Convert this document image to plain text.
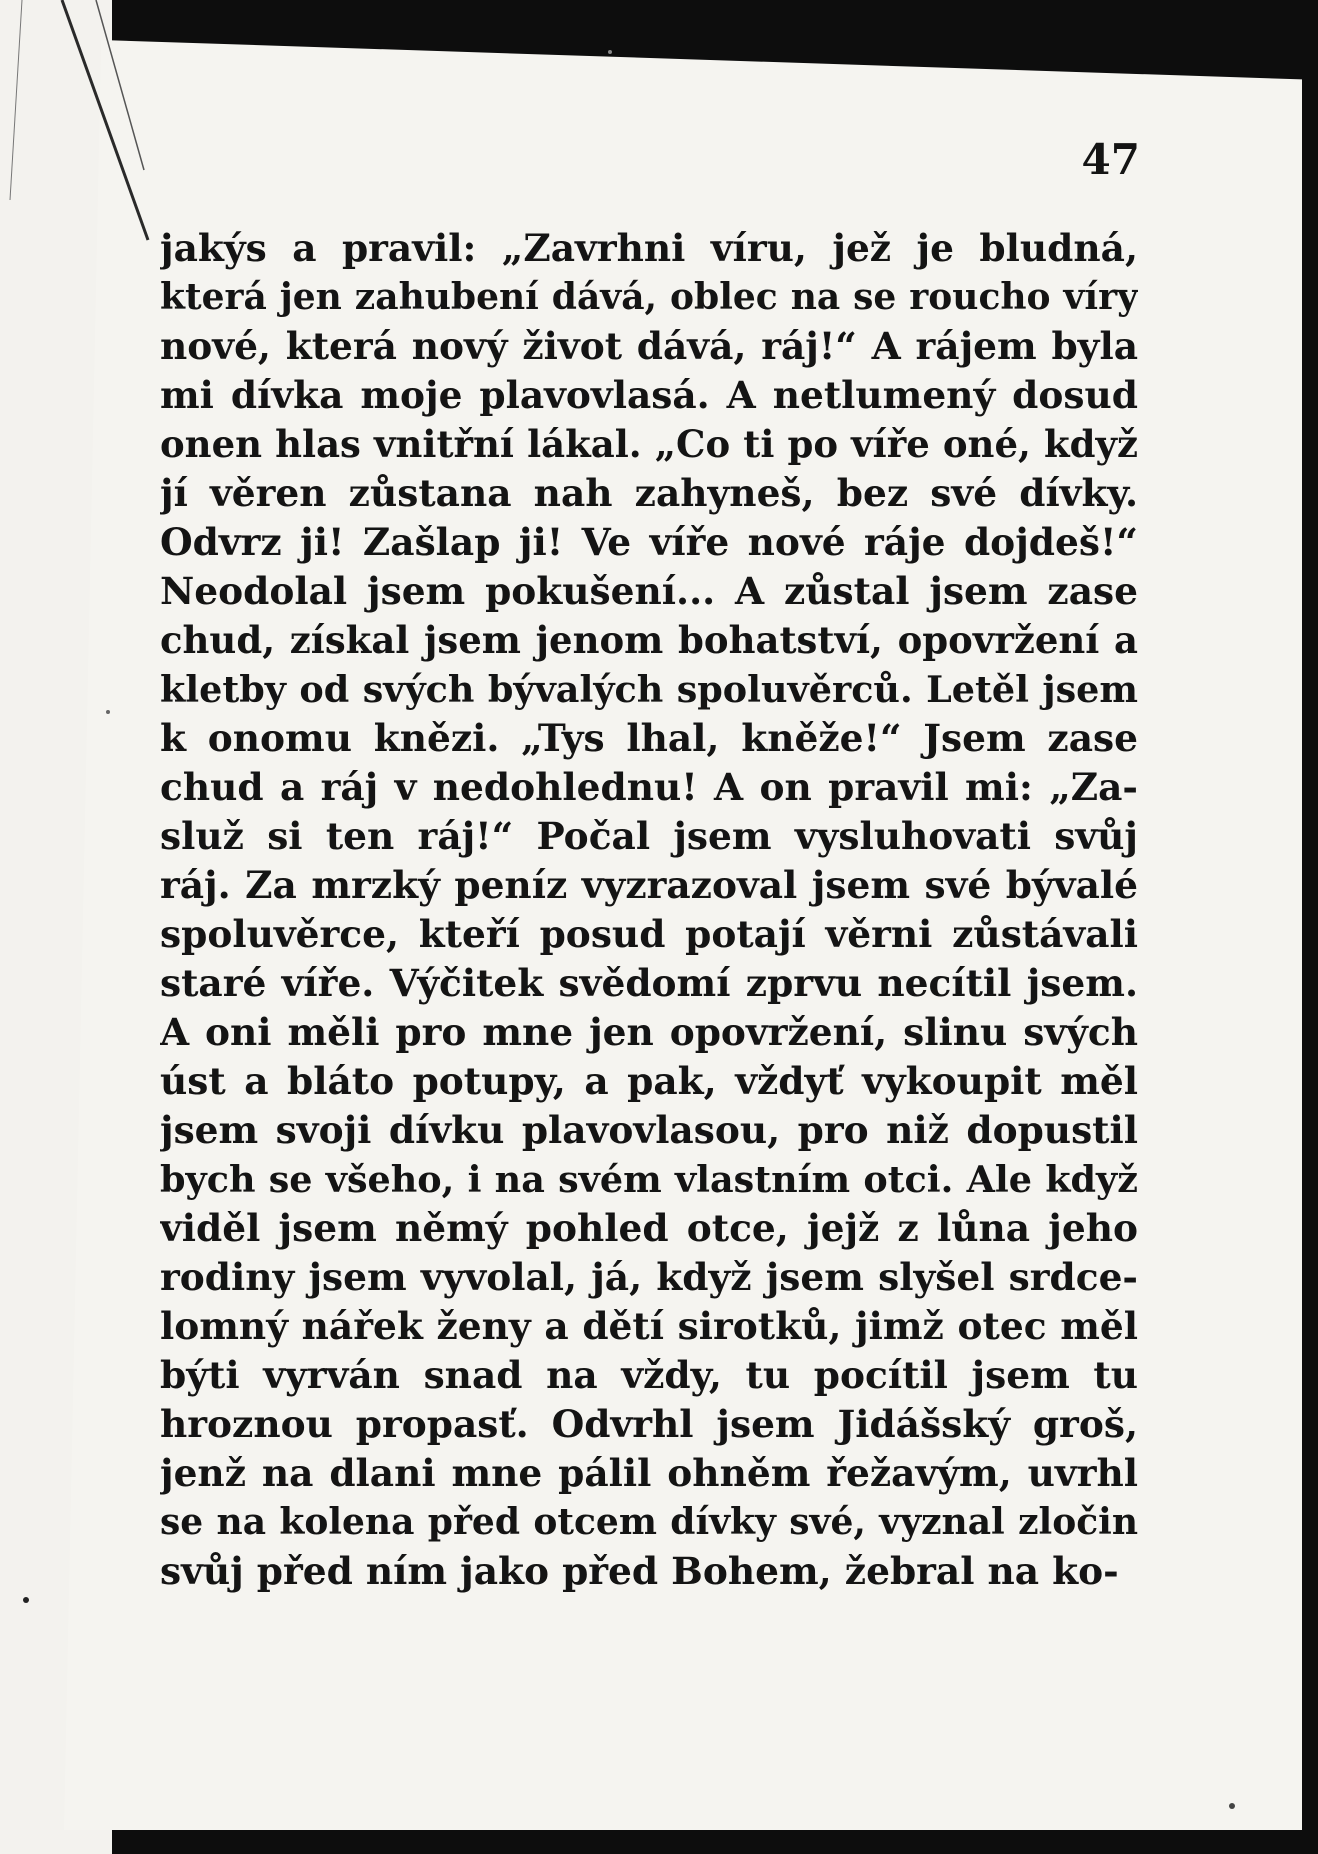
47
jakýs a pravil: „Zavrhni víru, jež je bludná,
která jen zahubení dává, oblec na se roucho víry
nové, která nový život dává, ráj!“ A rájem byla
mi dívka moje plavovlasá. A netlumený dosud
onen hlas vnitřní lákal. „Co ti po víře oné, když
jí věren zůstana nah zahyneš, bez své dívky.
Odvrz ji! Zašlap ji! Ve víře nové ráje dojdeš!“
Neodolal jsem pokušení... A zůstal jsem zase
chud, získal jsem jenom bohatství, opovržení a
kletby od svých bývalých spoluvěrců. Letěl jsem
k onomu knězi. „Tys lhal, kněže!“ Jsem zase
chud a ráj v nedohlednu! A on pravil mi: „Za-
služ si ten ráj!“ Počal jsem vysluhovati svůj
ráj. Za mrzký peníz vyzrazoval jsem své bývalé
spoluvěrce, kteří posud potají věrni zůstávali
staré víře. Výčitek svědomí zprvu necítil jsem.
A oni měli pro mne jen opovržení, slinu svých
úst a bláto potupy, a pak, vždyť vykoupit měl
jsem svoji dívku plavovlasou, pro niž dopustil
bych se všeho, i na svém vlastním otci. Ale když
viděl jsem němý pohled otce, jejž z lůna jeho
rodiny jsem vyvolal, já, když jsem slyšel srdce-
lomný nářek ženy a dětí sirotků, jimž otec měl
býti vyrván snad na vždy, tu pocítil jsem tu
hroznou propasť. Odvrhl jsem Jidášský groš,
jenž na dlani mne pálil ohněm řežavým, uvrhl
se na kolena před otcem dívky své, vyznal zločin
svůj před ním jako před Bohem, žebral na ko-
